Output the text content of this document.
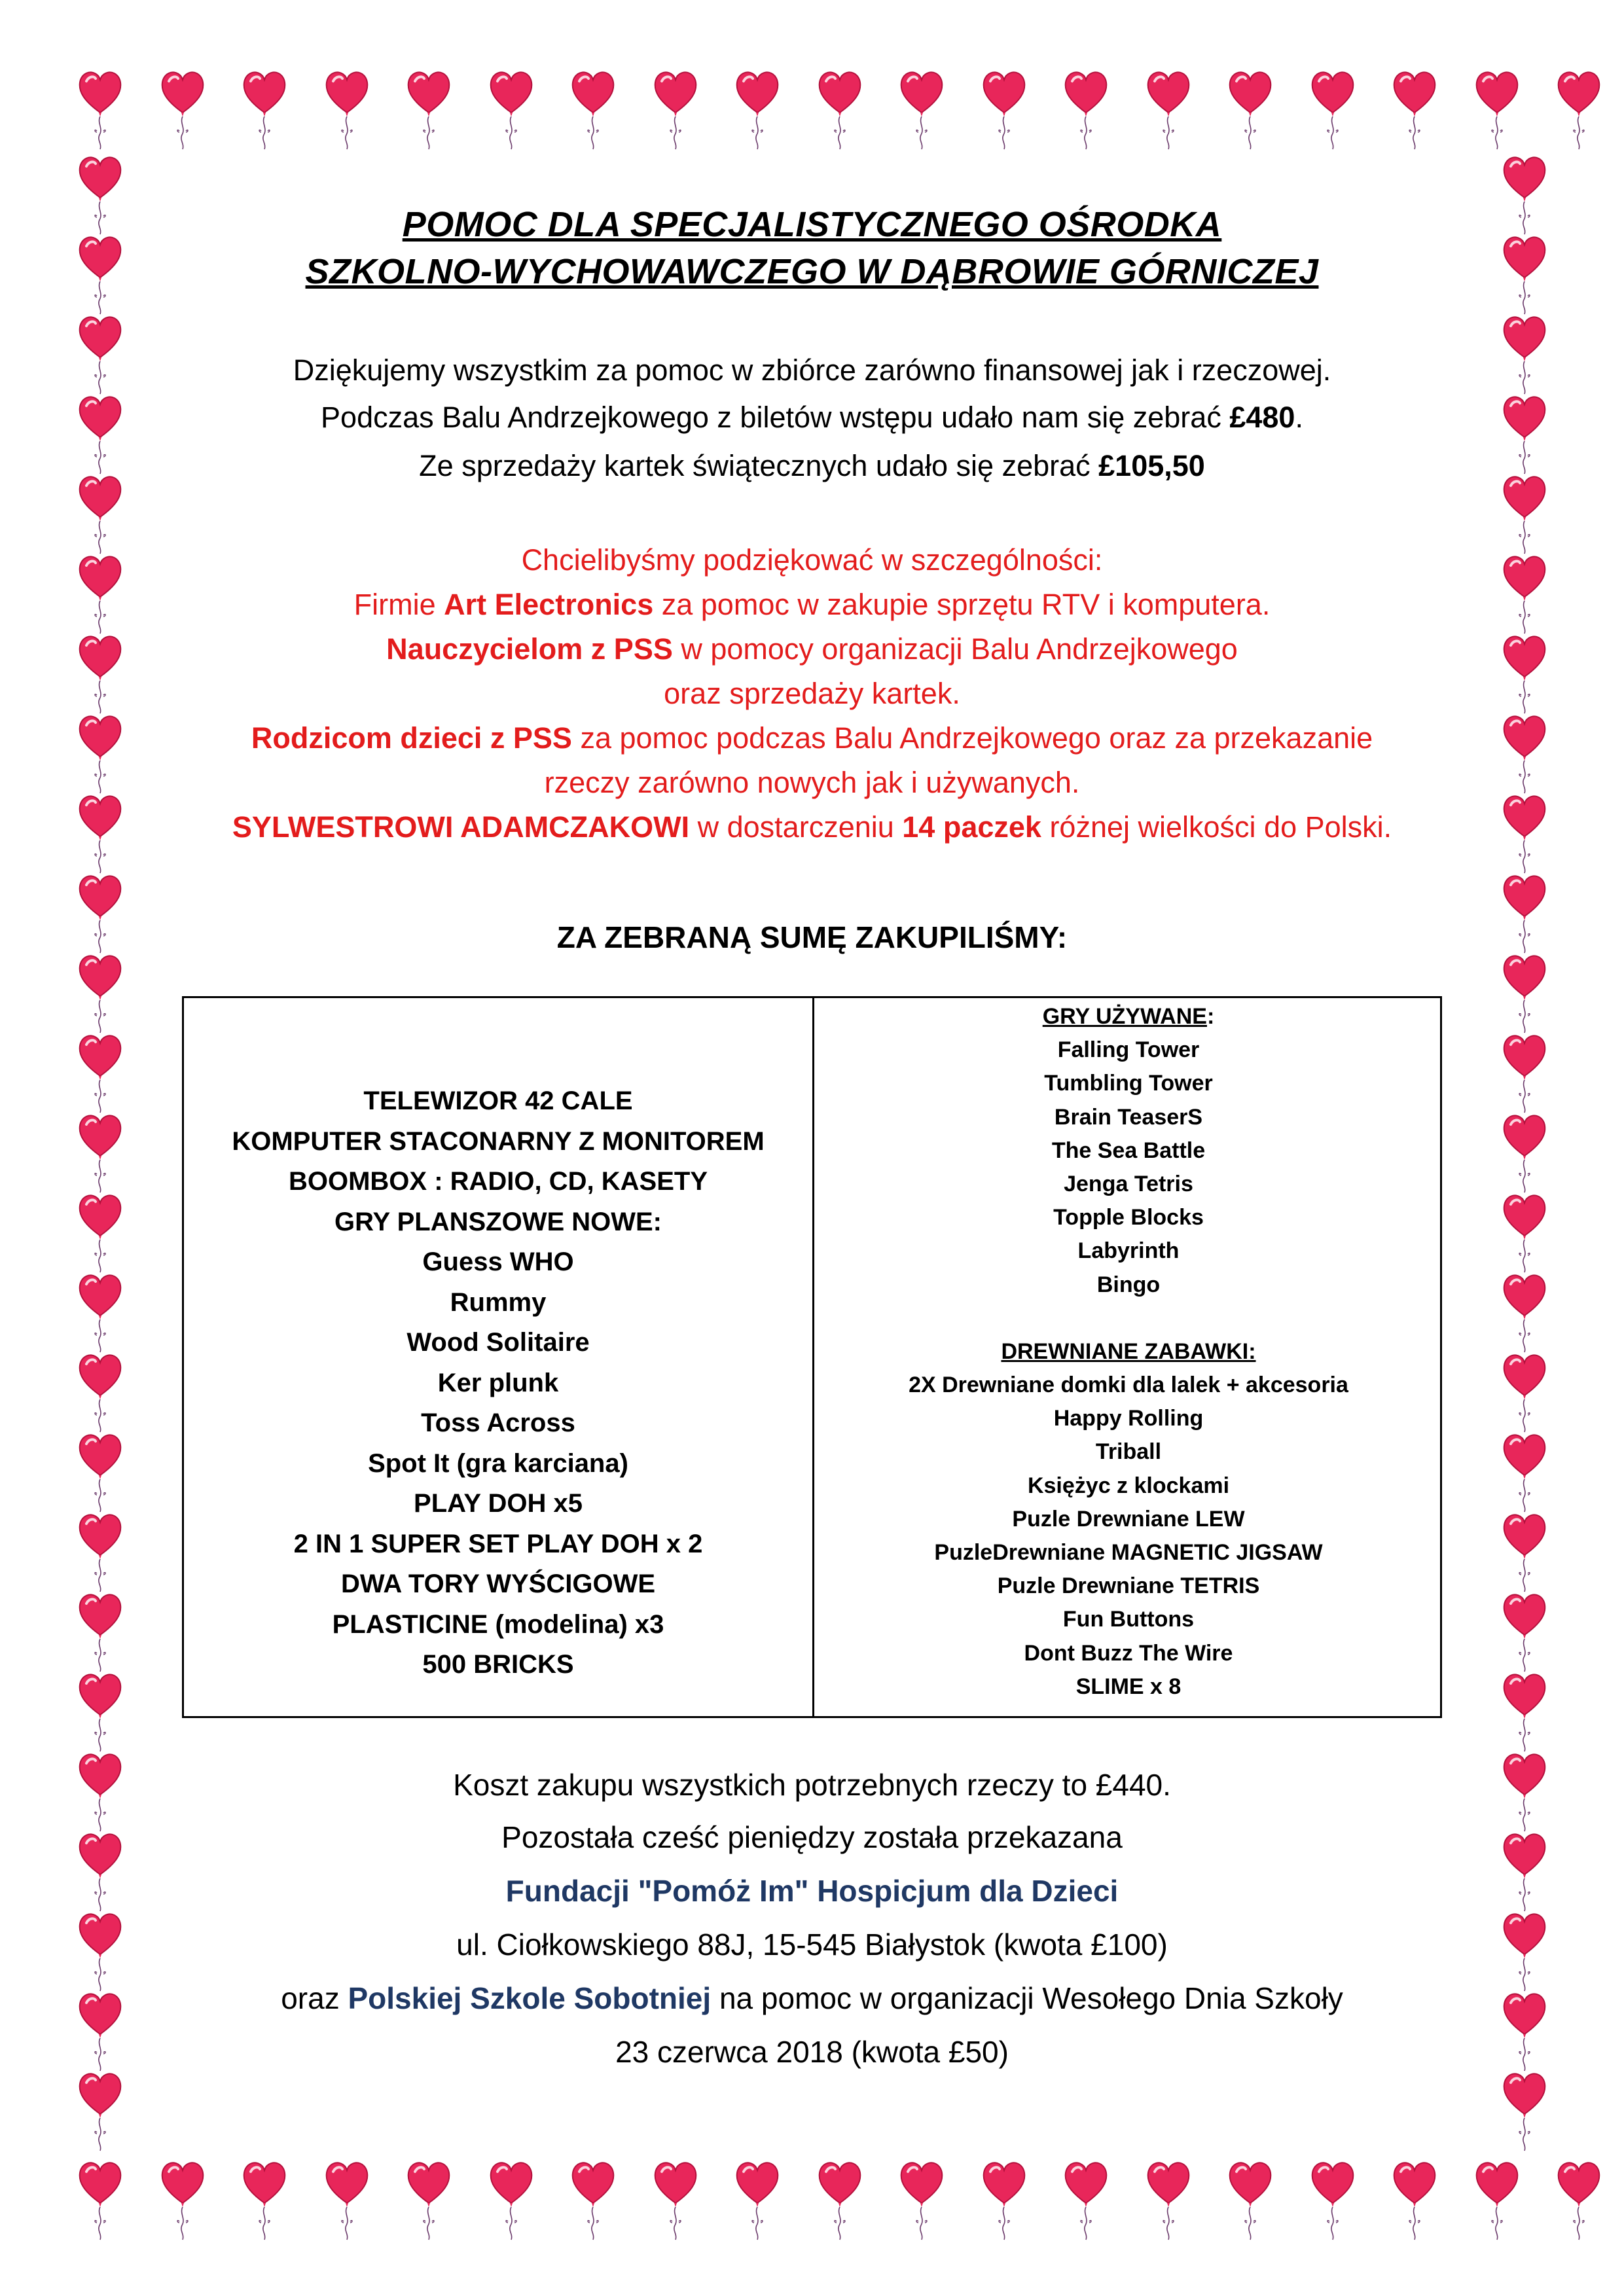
POMOC DLA SPECJALISTYCZNEGO OŚRODKA
SZKOLNO-WYCHOWAWCZEGO W DĄBROWIE GÓRNICZEJ
Dziękujemy wszystkim za pomoc w zbiórce zarówno finansowej jak i rzeczowej.
Podczas Balu Andrzejkowego z biletów wstępu udało nam się zebrać £480.
Ze sprzedaży kartek świątecznych udało się zebrać £105,50
Chcielibyśmy podziękować w szczególności:
Firmie Art Electronics za pomoc w zakupie sprzętu RTV i komputera.
Nauczycielom z PSS w pomocy organizacji Balu Andrzejkowego
oraz sprzedaży kartek.
Rodzicom dzieci z PSS za pomoc podczas Balu Andrzejkowego oraz za przekazanie
rzeczy zarówno nowych jak i używanych.
SYLWESTROWI ADAMCZAKOWI w dostarczeniu 14 paczek różnej wielkości do Polski.
ZA ZEBRANĄ SUMĘ ZAKUPILIŚMY:
TELEWIZOR 42 CALE
KOMPUTER STACONARNY Z MONITOREM
BOOMBOX : RADIO, CD, KASETY
GRY PLANSZOWE NOWE:
Guess WHO
Rummy
Wood Solitaire
Ker plunk
Toss Across
Spot It (gra karciana)
PLAY DOH x5
2 IN 1 SUPER SET PLAY DOH x 2
DWA TORY WYŚCIGOWE
PLASTICINE (modelina) x3
500 BRICKS
GRY UŻYWANE:
Falling Tower
Tumbling Tower
Brain TeaserS
The Sea Battle
Jenga Tetris
Topple Blocks
Labyrinth
Bingo
DREWNIANE ZABAWKI:
2X Drewniane domki dla lalek + akcesoria
Happy Rolling
Triball
Księżyc z klockami
Puzle Drewniane LEW
PuzleDrewniane MAGNETIC JIGSAW
Puzle Drewniane TETRIS
Fun Buttons
Dont Buzz The Wire
SLIME x 8
Koszt zakupu wszystkich potrzebnych rzeczy to £440.
Pozostała cześć pieniędzy została przekazana
Fundacji "Pomóż Im" Hospicjum dla Dzieci
ul. Ciołkowskiego 88J, 15-545 Białystok (kwota £100)
oraz Polskiej Szkole Sobotniej na pomoc w organizacji Wesołego Dnia Szkoły
23 czerwca 2018 (kwota £50)
